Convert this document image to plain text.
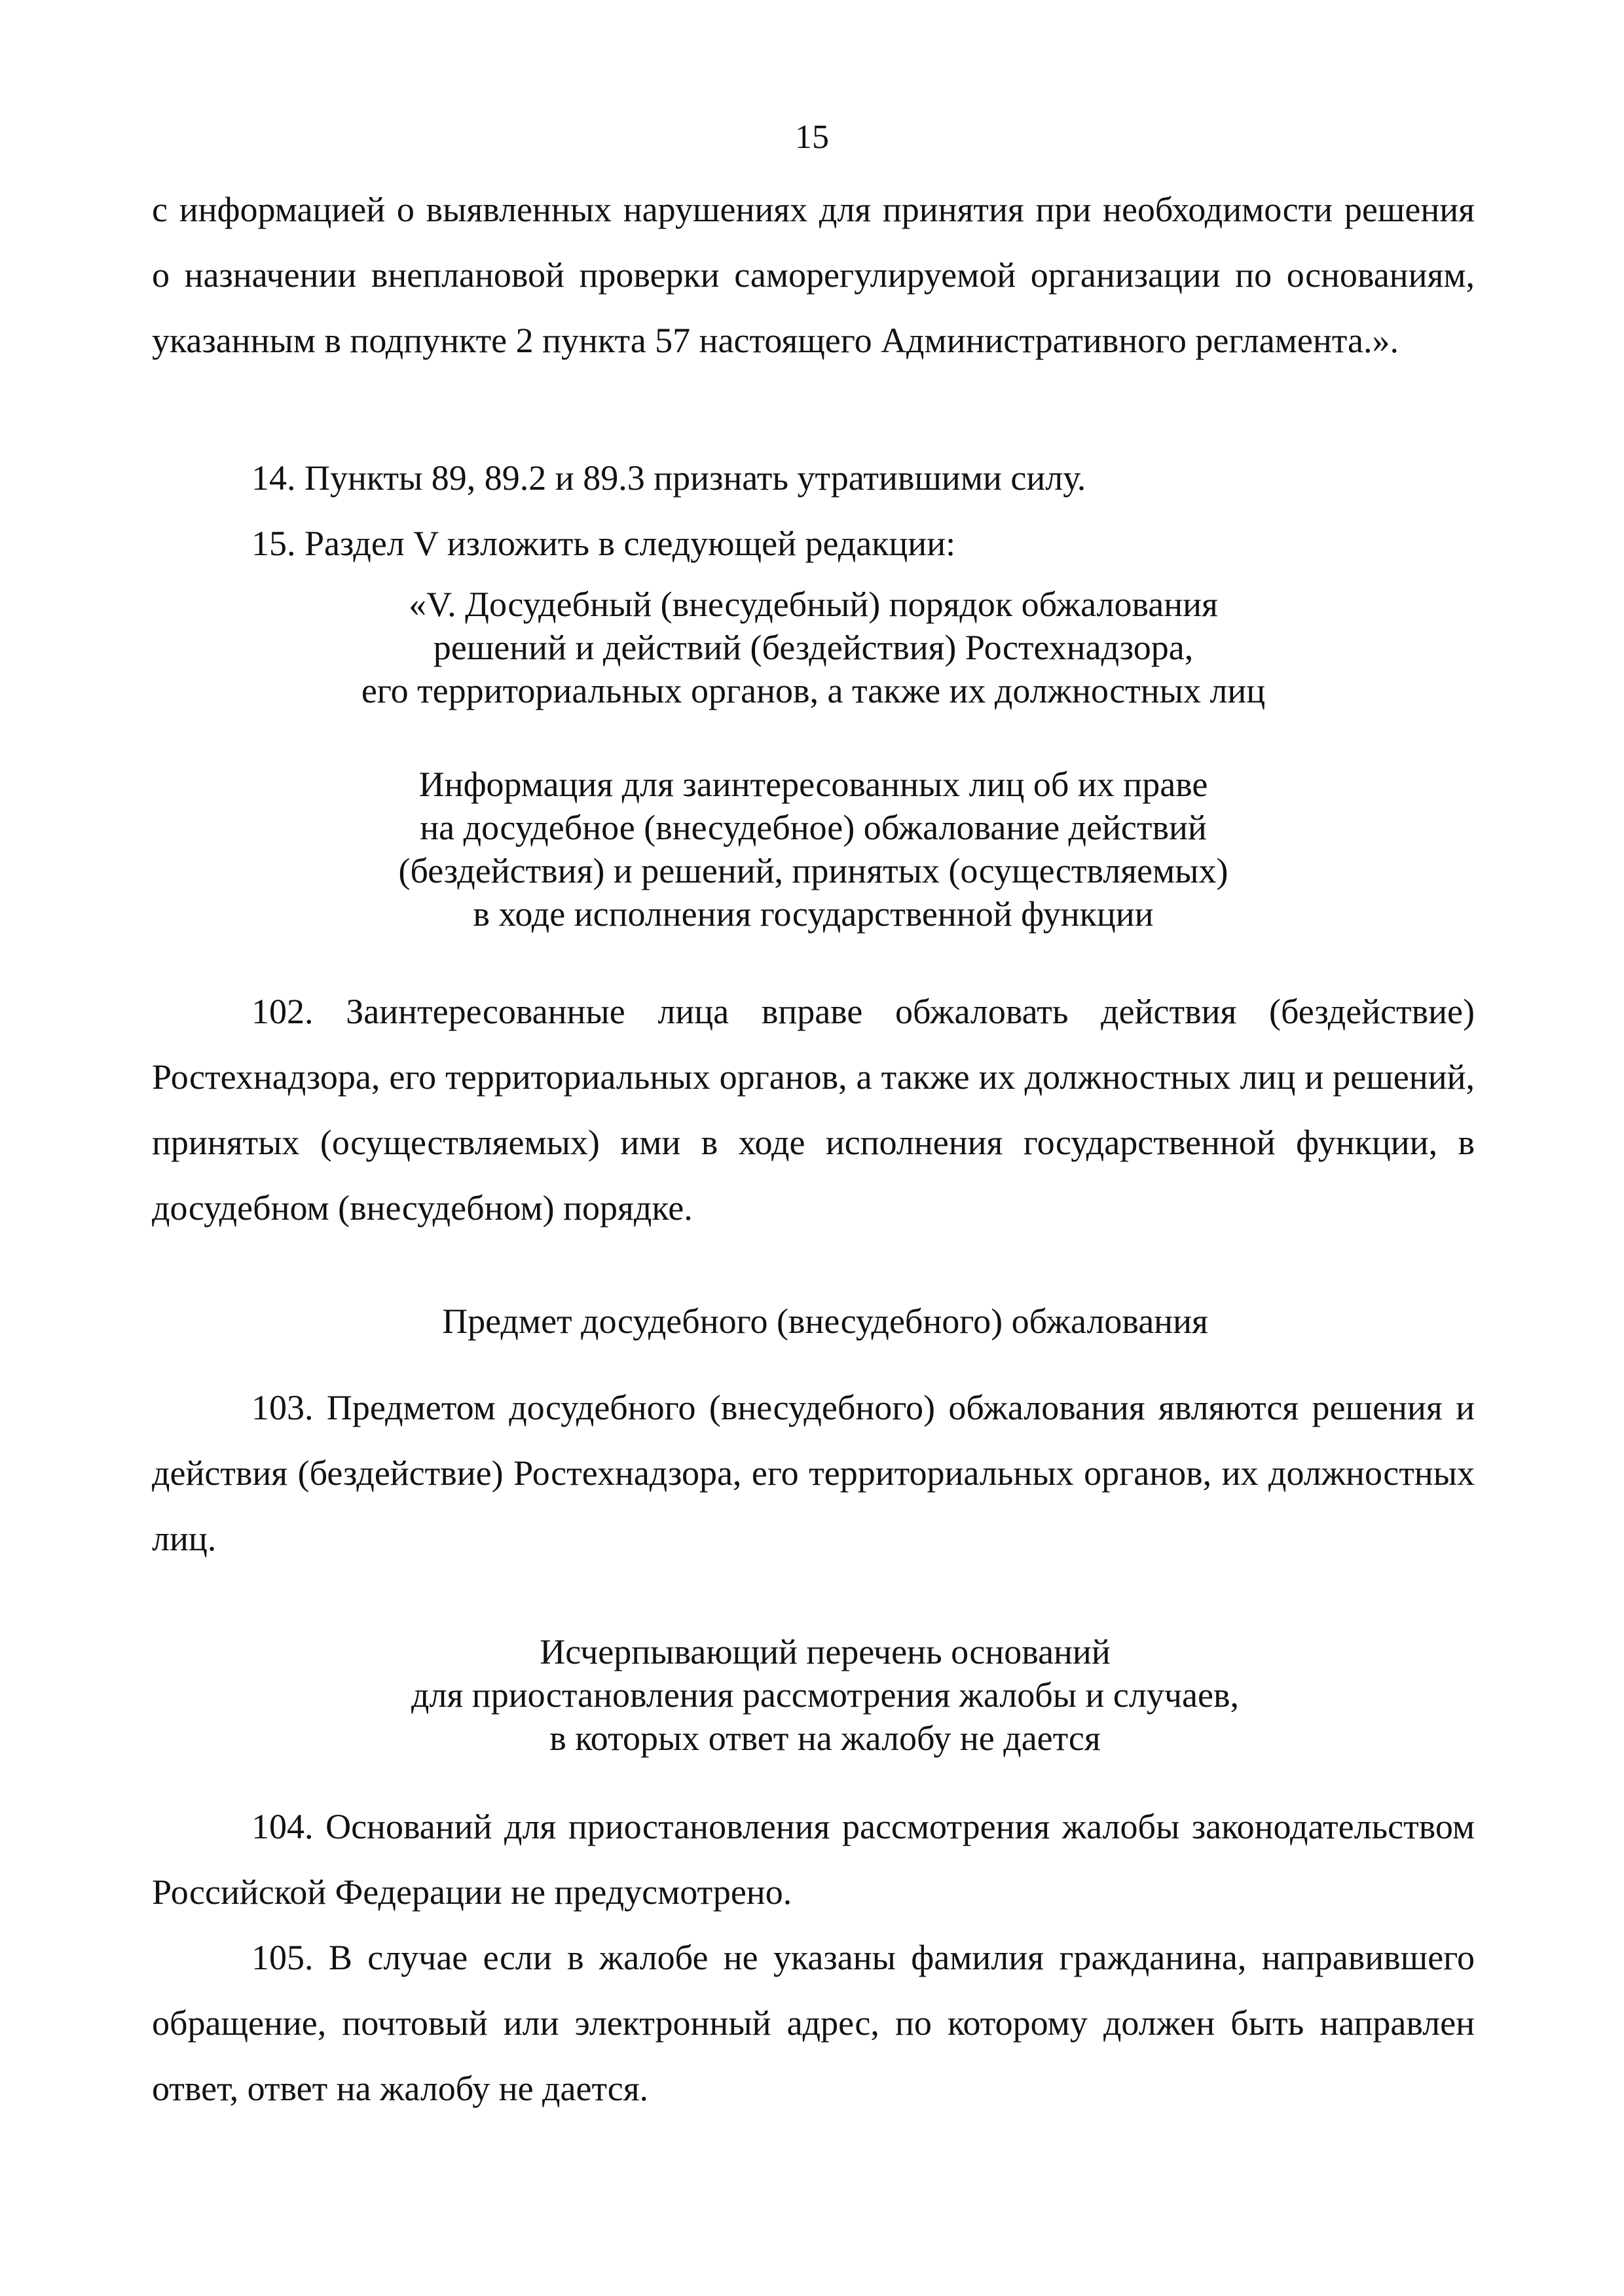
15

с информацией о выявленных нарушениях для принятия при необходимости решения о назначении внеплановой проверки саморегулируемой организации по основаниям, указанным в подпункте 2 пункта 57 настоящего Административного регламента.».

14. Пункты 89, 89.2 и 89.3 признать утратившими силу.

15. Раздел V изложить в следующей редакции:

«V. Досудебный (внесудебный) порядок обжалования
решений и действий (бездействия) Ростехнадзора,
его территориальных органов, а также их должностных лиц
Информация для заинтересованных лиц об их праве
на досудебное (внесудебное) обжалование действий
(бездействия) и решений, принятых (осуществляемых)
в ходе исполнения государственной функции

102. Заинтересованные лица вправе обжаловать действия (бездействие) Ростехнадзора, его территориальных органов, а также их должностных лиц и решений, принятых (осуществляемых) ими в ходе исполнения государственной функции, в досудебном (внесудебном) порядке.

Предмет досудебного (внесудебного) обжалования

103. Предметом досудебного (внесудебного) обжалования являются решения и действия (бездействие) Ростехнадзора, его территориальных органов, их должностных лиц.

Исчерпывающий перечень оснований
для приостановления рассмотрения жалобы и случаев,
в которых ответ на жалобу не дается

104. Оснований для приостановления рассмотрения жалобы законодательством Российской Федерации не предусмотрено.

105. В случае если в жалобе не указаны фамилия гражданина, направившего обращение, почтовый или электронный адрес, по которому должен быть направлен ответ, ответ на жалобу не дается.
